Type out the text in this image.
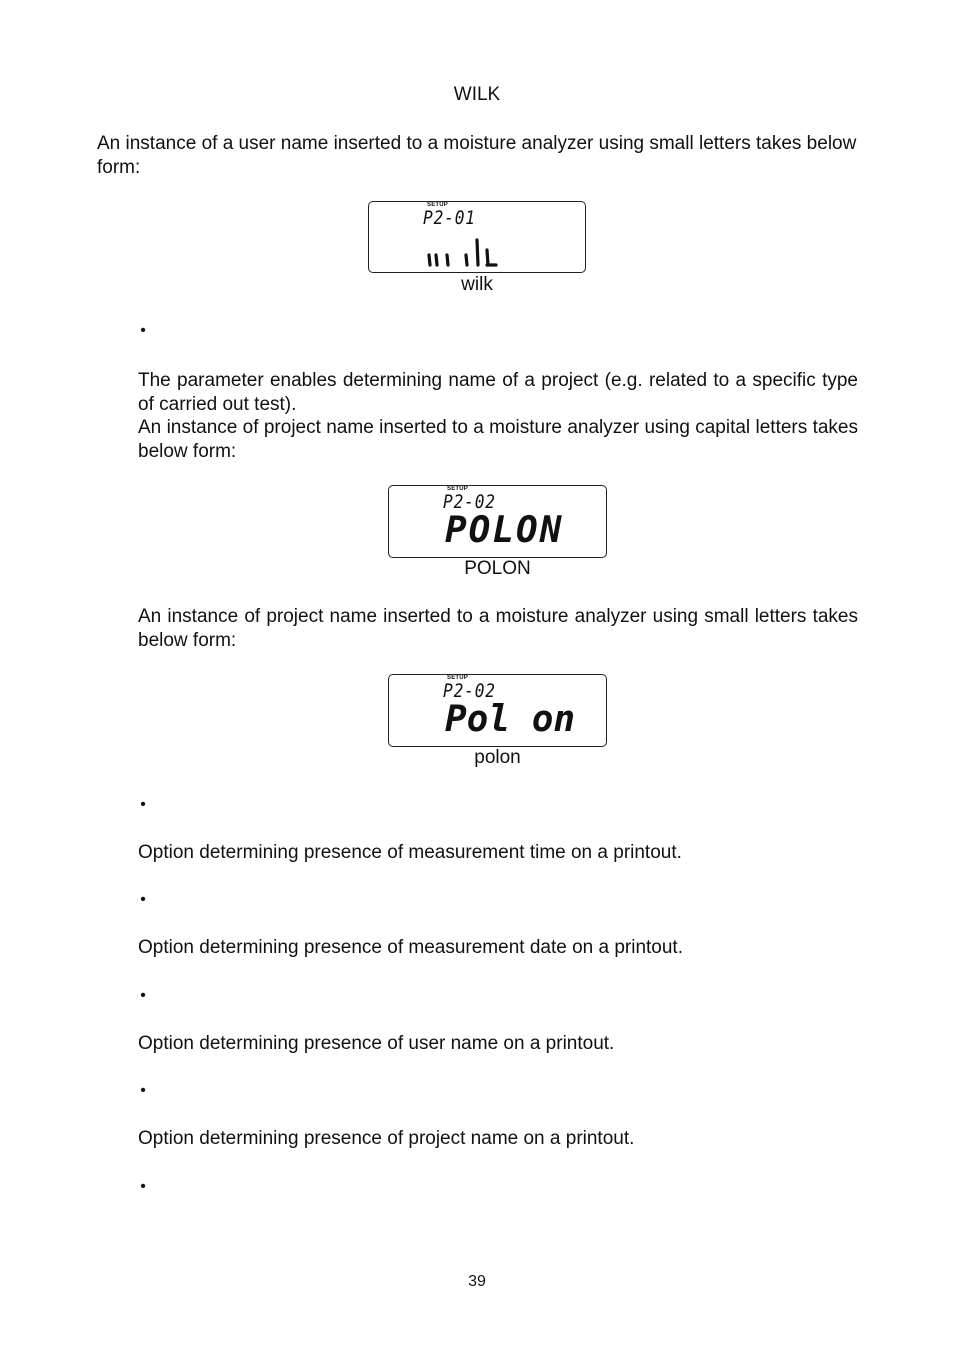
WILK
An instance of a user name inserted to a moisture analyzer using small letters takes below form:
SETUP
P2-01
wilk
•
The parameter enables determining name of a project (e.g. related to a specific type of carried out test).
An instance of project name inserted to a moisture analyzer using capital letters takes below form:
SETUP
P2-02
POLON
POLON
An instance of project name inserted to a moisture analyzer using small letters takes below form:
SETUP
P2-02
Pol on
polon
•
Option determining presence of measurement time on a printout.
•
Option determining presence of measurement date on a printout.
•
Option determining presence of user name on a printout.
•
Option determining presence of project name on a printout.
•
39
